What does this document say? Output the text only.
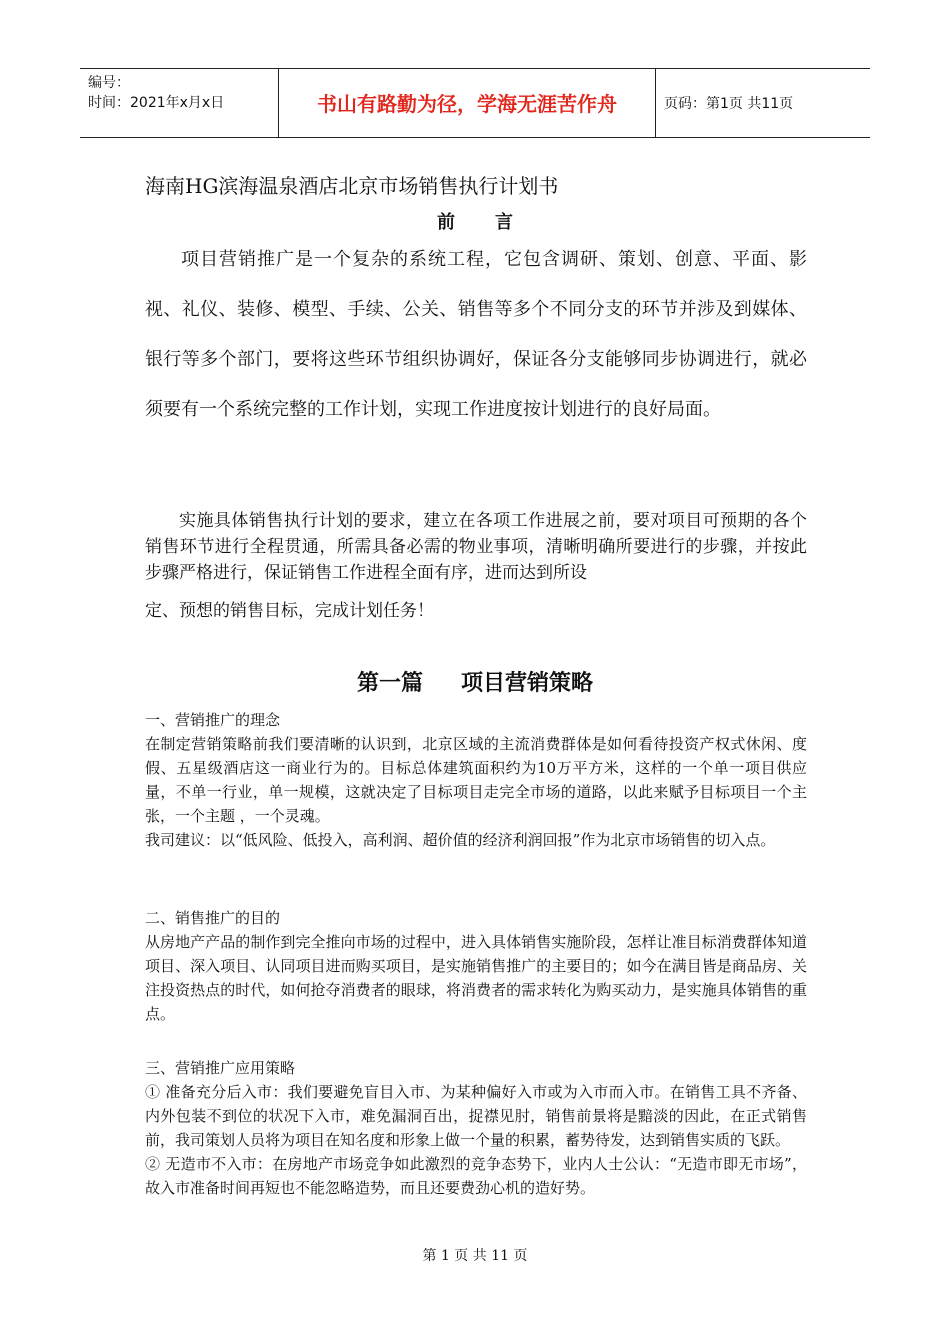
编号：
时间：2021年x月x日	书山有路勤为径，学海无涯苦作舟	页码：第1页 共11页
海南HG滨海温泉酒店北京市场销售执行计划书
前言

项目营销推广是一个复杂的系统工程，它包含调研、策划、创意、平面、影视、礼仪、装修、模型、手续、公关、销售等多个不同分支的环节并涉及到媒体、银行等多个部门，要将这些环节组织协调好，保证各分支能够同步协调进行，就必须要有一个系统完整的工作计划，实现工作进度按计划进行的良好局面。

实施具体销售执行计划的要求，建立在各项工作进展之前，要对项目可预期的各个销售环节进行全程贯通，所需具备必需的物业事项，清晰明确所要进行的步骤，并按此步骤严格进行，保证销售工作进程全面有序，进而达到所设

定、预想的销售目标，完成计划任务！
第一篇 项目营销策略

一、营销推广的理念

在制定营销策略前我们要清晰的认识到，北京区域的主流消费群体是如何看待投资产权式休闲、度假、五星级酒店这一商业行为的。目标总体建筑面积约为10万平方米，这样的一个单一项目供应量，不单一行业，单一规模，这就决定了目标项目走完全市场的道路，以此来赋予目标项目一个主张，一个主题 ，一个灵魂。

我司建议：以“低风险、低投入，高利润、超价值的经济利润回报”作为北京市场销售的切入点。

二、销售推广的目的

从房地产产品的制作到完全推向市场的过程中，进入具体销售实施阶段，怎样让准目标消费群体知道项目、深入项目、认同项目进而购买项目，是实施销售推广的主要目的；如今在满目皆是商品房、关注投资热点的时代，如何抢夺消费者的眼球，将消费者的需求转化为购买动力，是实施具体销售的重点。

三、营销推广应用策略

① 准备充分后入市：我们要避免盲目入市、为某种偏好入市或为入市而入市。在销售工具不齐备、内外包装不到位的状况下入市，难免漏洞百出，捉襟见肘，销售前景将是黯淡的因此，在正式销售前，我司策划人员将为项目在知名度和形象上做一个量的积累，蓄势待发，达到销售实质的飞跃。

② 无造市不入市：在房地产市场竞争如此激烈的竞争态势下，业内人士公认：“无造市即无市场”，故入市准备时间再短也不能忽略造势，而且还要费劲心机的造好势。

第 1 页 共 11 页
